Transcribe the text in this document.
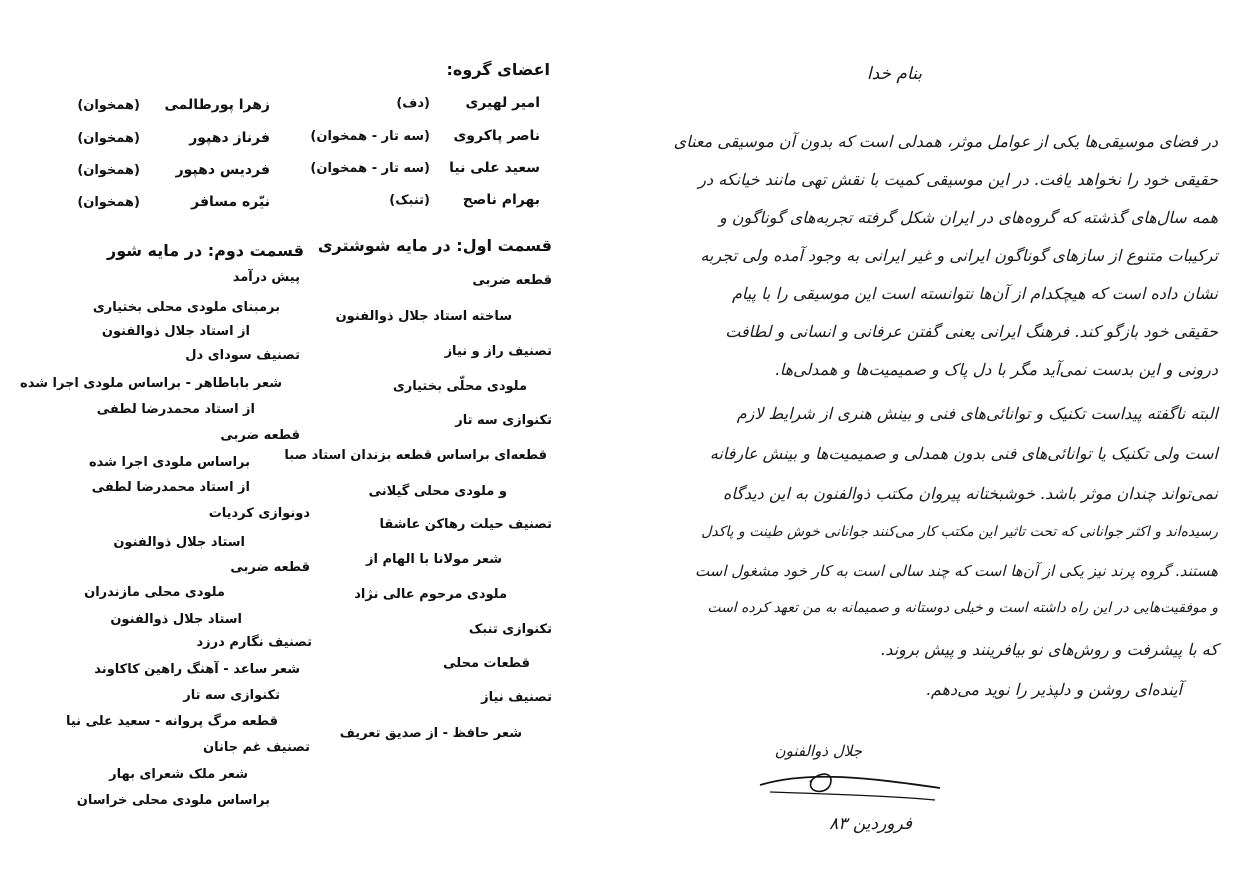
اعضای گروه:
امیر لهیری
(دف)
ناصر پاکروی
(سه تار - همخوان)
سعید علی نیا
(سه تار - همخوان)
بهرام ناصح
(تنبک)
زهرا پورطالمی
(همخوان)
فرناز دهپور
(همخوان)
فردیس دهپور
(همخوان)
نیّره مسافر
(همخوان)
قسمت اول: در مایه شوشتری
قطعه ضربی
ساخته استاد جلال ذوالفنون
تصنیف راز و نیاز
ملودی محلّی بختیاری
تکنوازی سه تار
قطعه‌ای براساس قطعه بزندان استاد صبا
و ملودی محلی گیلانی
تصنیف حیلت رهاکن عاشقا
شعر مولانا با الهام از
ملودی مرحوم عالی نژاد
تکنوازی تنبک
قطعات محلی
تصنیف نیاز
شعر حافظ - از صدیق تعریف
قسمت دوم: در مایه شور
پیش درآمد
برمبنای ملودی محلی بختیاری
از استاد جلال ذوالفنون
تصنیف سودای دل
شعر باباطاهر - براساس ملودی اجرا شده
از استاد محمدرضا لطفی
قطعه ضربی
براساس ملودی اجرا شده
از استاد محمدرضا لطفی
دونوازی کردیات
استاد جلال ذوالفنون
قطعه ضربی
ملودی محلی مازندران
استاد جلال ذوالفنون
تصنیف نگارم درزد
شعر ساعد - آهنگ راهین کاکاوند
تکنوازی سه تار
قطعه مرگ پروانه - سعید علی نیا
تصنیف غم جانان
شعر ملک شعرای بهار
براساس ملودی محلی خراسان
بنام خدا
در فضای موسیقی‌ها یکی از عوامل موثر، همدلی است که بدون آن موسیقی معنای
حقیقی خود را نخواهد یافت. در این موسیقی کمیت با نقش تهی مانند خیانکه در
همه سال‌های گذشته که گروه‌های در ایران شکل گرفته تجربه‌های گوناگون و
ترکیبات متنوع از سازهای گوناگون ایرانی و غیر ایرانی به وجود آمده ولی تجربه
نشان داده است که هیچکدام از آن‌ها نتوانسته است این موسیقی را با پیام
حقیقی خود بازگو کند. فرهنگ ایرانی یعنی گفتن عرفانی و انسانی و لطافت
درونی و این بدست نمی‌آید مگر با دل پاک و صمیمیت‌ها و همدلی‌ها.
البته ناگفته پیداست تکنیک و توانائی‌های فنی و بینش هنری از شرایط لازم
است ولی تکنیک یا توانائی‌های فنی بدون همدلی و صمیمیت‌ها و بینش عارفانه
نمی‌تواند چندان موثر باشد. خوشبختانه پیروان مکتب ذوالفنون به این دیدگاه
رسیده‌اند و اکثر جوانانی که تحت تاثیر این مکتب کار می‌کنند جوانانی خوش طینت و پاکدل
هستند. گروه پرند نیز یکی از آن‌ها است که چند سالی است به کار خود مشغول است
و موفقیت‌هایی در این راه داشته است و خیلی دوستانه و صمیمانه به من تعهد کرده است
که با پیشرفت و روش‌های نو بیافرینند و پیش بروند.
آینده‌ای روشن و دلپذیر را نوید می‌دهم.
جلال ذوالفنون
فروردین ۸۳
